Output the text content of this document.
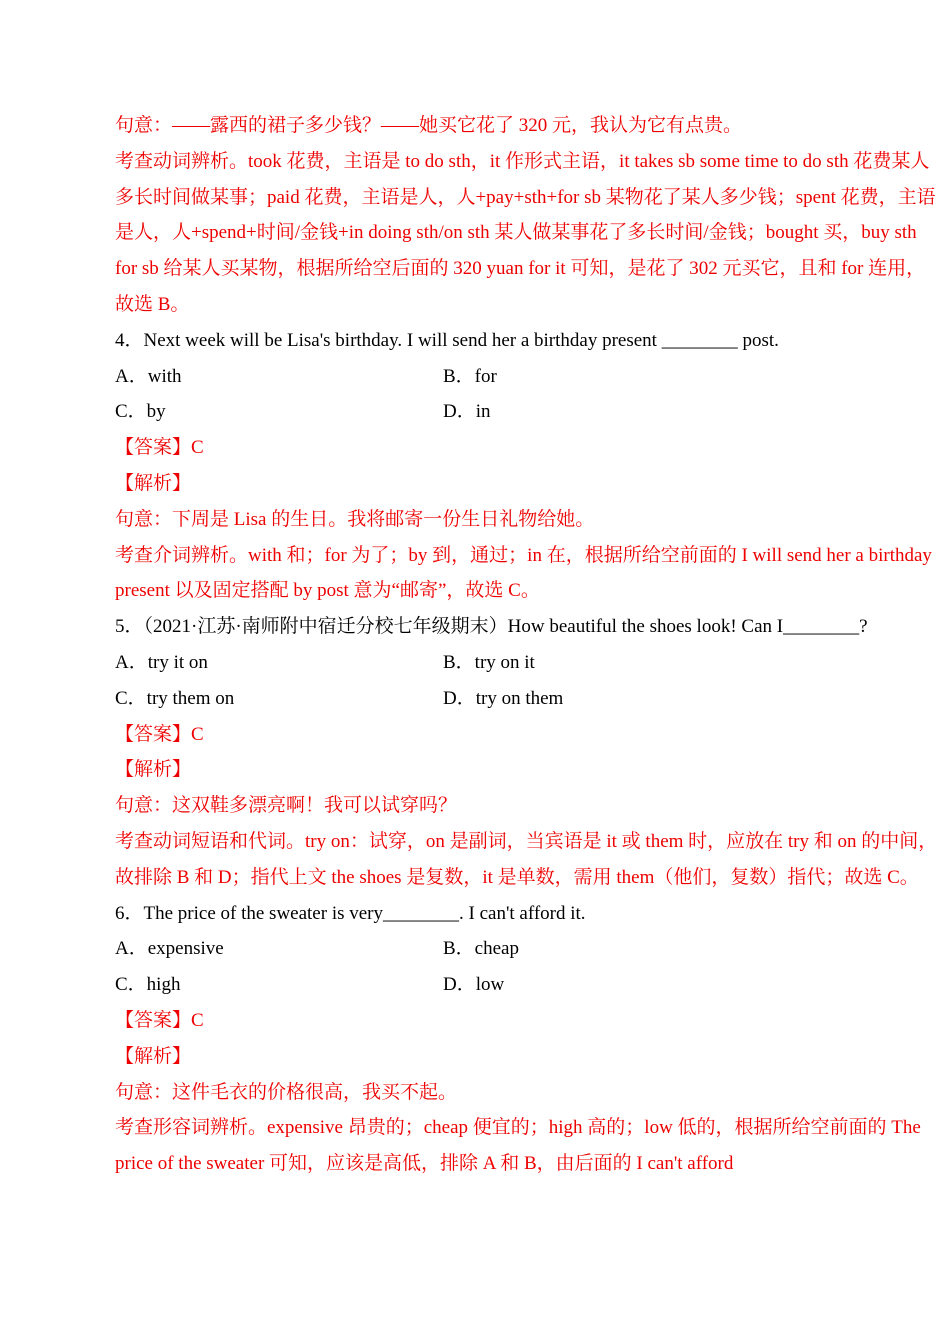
句意：——露西的裙子多少钱？——她买它花了 320 元，我认为它有点贵。
考查动词辨析。took 花费，主语是 to do sth，it 作形式主语，it takes sb some time to do sth 花费某人
多长时间做某事；paid 花费，主语是人，人+pay+sth+for sb 某物花了某人多少钱；spent 花费，主语
是人，人+spend+时间/金钱+in doing sth/on sth 某人做某事花了多长时间/金钱；bought 买，buy sth
for sb 给某人买某物，根据所给空后面的 320 yuan for it 可知，是花了 302 元买它，且和 for 连用，
故选 B。
4．Next week will be Lisa's birthday. I will send her a birthday present ________ post.
A．with	B．for
C．by	D．in
【答案】C
【解析】
句意：下周是 Lisa 的生日。我将邮寄一份生日礼物给她。
考查介词辨析。with 和；for 为了；by 到，通过；in 在，根据所给空前面的 I will send her a birthday
present 以及固定搭配 by post 意为“邮寄”，故选 C。
5．（2021·江苏·南师附中宿迁分校七年级期末）How beautiful the shoes look! Can I________?
A．try it on	B．try on it
C．try them on	D．try on them
【答案】C
【解析】
句意：这双鞋多漂亮啊！我可以试穿吗？
考查动词短语和代词。try on：试穿，on 是副词，当宾语是 it 或 them 时，应放在 try 和 on 的中间，
故排除 B 和 D；指代上文 the shoes 是复数，it 是单数，需用 them（他们，复数）指代；故选 C。
6．The price of the sweater is very________. I can't afford it.
A．expensive	B．cheap
C．high	D．low
【答案】C
【解析】
句意：这件毛衣的价格很高，我买不起。
考查形容词辨析。expensive 昂贵的；cheap 便宜的；high 高的；low 低的，根据所给空前面的 The
price of the sweater 可知，应该是高低，排除 A 和 B，由后面的 I can't afford
